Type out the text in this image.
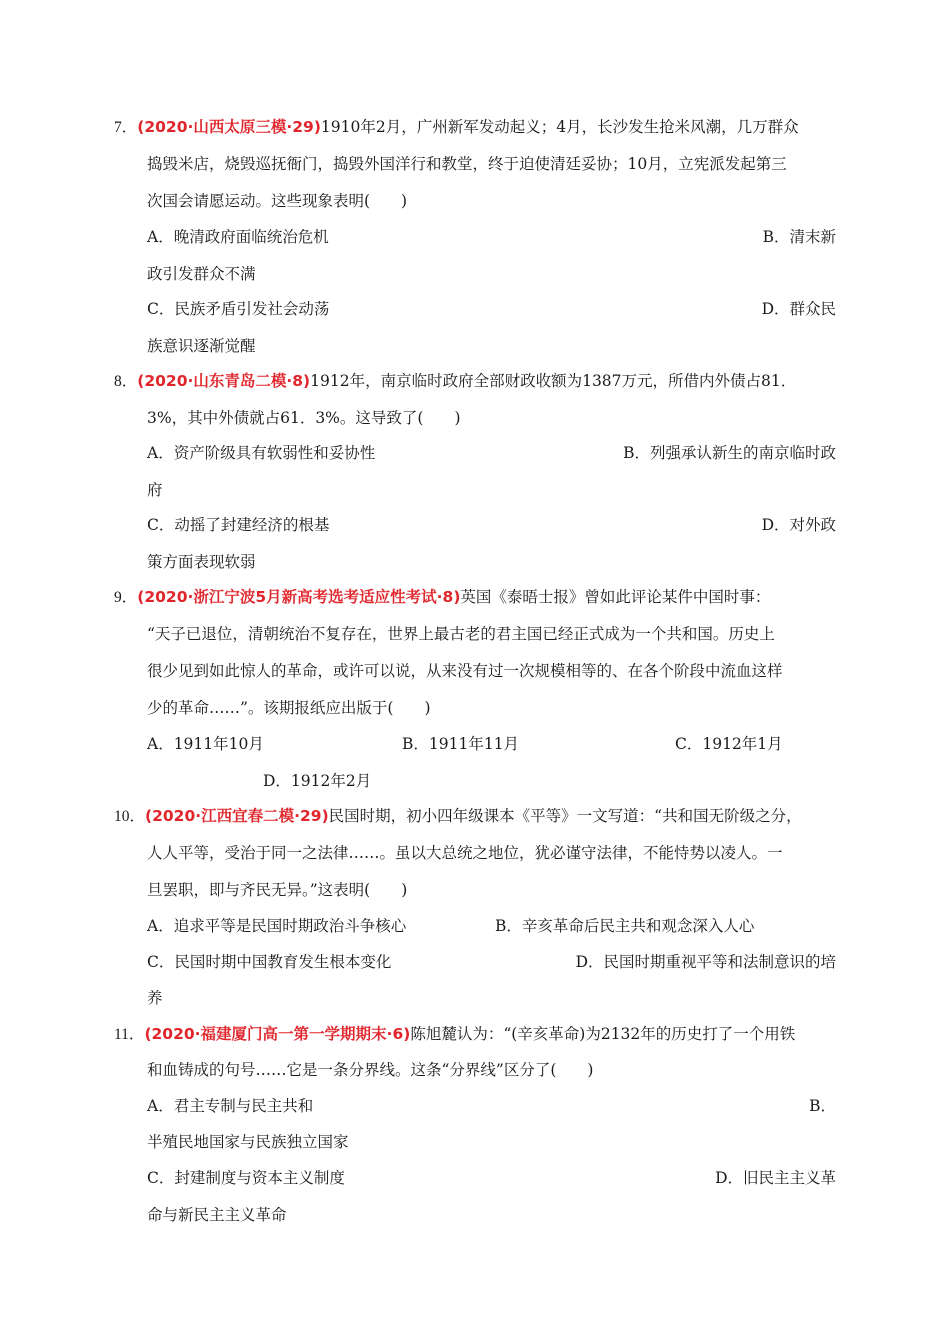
7．(2020·山西太原三模·29)1910年2月，广州新军发动起义；4月，长沙发生抢米风潮，几万群众
捣毁米店，烧毁巡抚衙门，捣毁外国洋行和教堂，终于迫使清廷妥协；10月，立宪派发起第三
次国会请愿运动。这些现象表明(　　)
A．晚清政府面临统治危机	B．清末新
政引发群众不满
C．民族矛盾引发社会动荡	D．群众民
族意识逐渐觉醒
8．(2020·山东青岛二模·8)1912年，南京临时政府全部财政收额为1387万元，所借内外债占81．
3%，其中外债就占61．3%。这导致了(　　)
A．资产阶级具有软弱性和妥协性	B．列强承认新生的南京临时政
府
C．动摇了封建经济的根基	D．对外政
策方面表现软弱
9．(2020·浙江宁波5月新高考选考适应性考试·8)英国《泰晤士报》曾如此评论某件中国时事：
“天子已退位，清朝统治不复存在，世界上最古老的君主国已经正式成为一个共和国。历史上
很少见到如此惊人的革命，或许可以说，从来没有过一次规模相等的、在各个阶段中流血这样
少的革命……”。该期报纸应出版于(　　)
A．1911年10月	B．1911年11月	C．1912年1月
D．1912年2月
10．(2020·江西宜春二模·29)民国时期，初小四年级课本《平等》一文写道：“共和国无阶级之分，
人人平等，受治于同一之法律……。虽以大总统之地位，犹必谨守法律，不能恃势以凌人。一
旦罢职，即与齐民无异。”这表明(　　)
A．追求平等是民国时期政治斗争核心	B．辛亥革命后民主共和观念深入人心
C．民国时期中国教育发生根本变化	D．民国时期重视平等和法制意识的培
养
11．(2020·福建厦门高一第一学期期末·6)陈旭麓认为：“(辛亥革命)为2132年的历史打了一个用铁
和血铸成的句号……它是一条分界线。这条“分界线”区分了(　　)
A．君主专制与民主共和	B．
半殖民地国家与民族独立国家
C．封建制度与资本主义制度	D．旧民主主义革
命与新民主主义革命
